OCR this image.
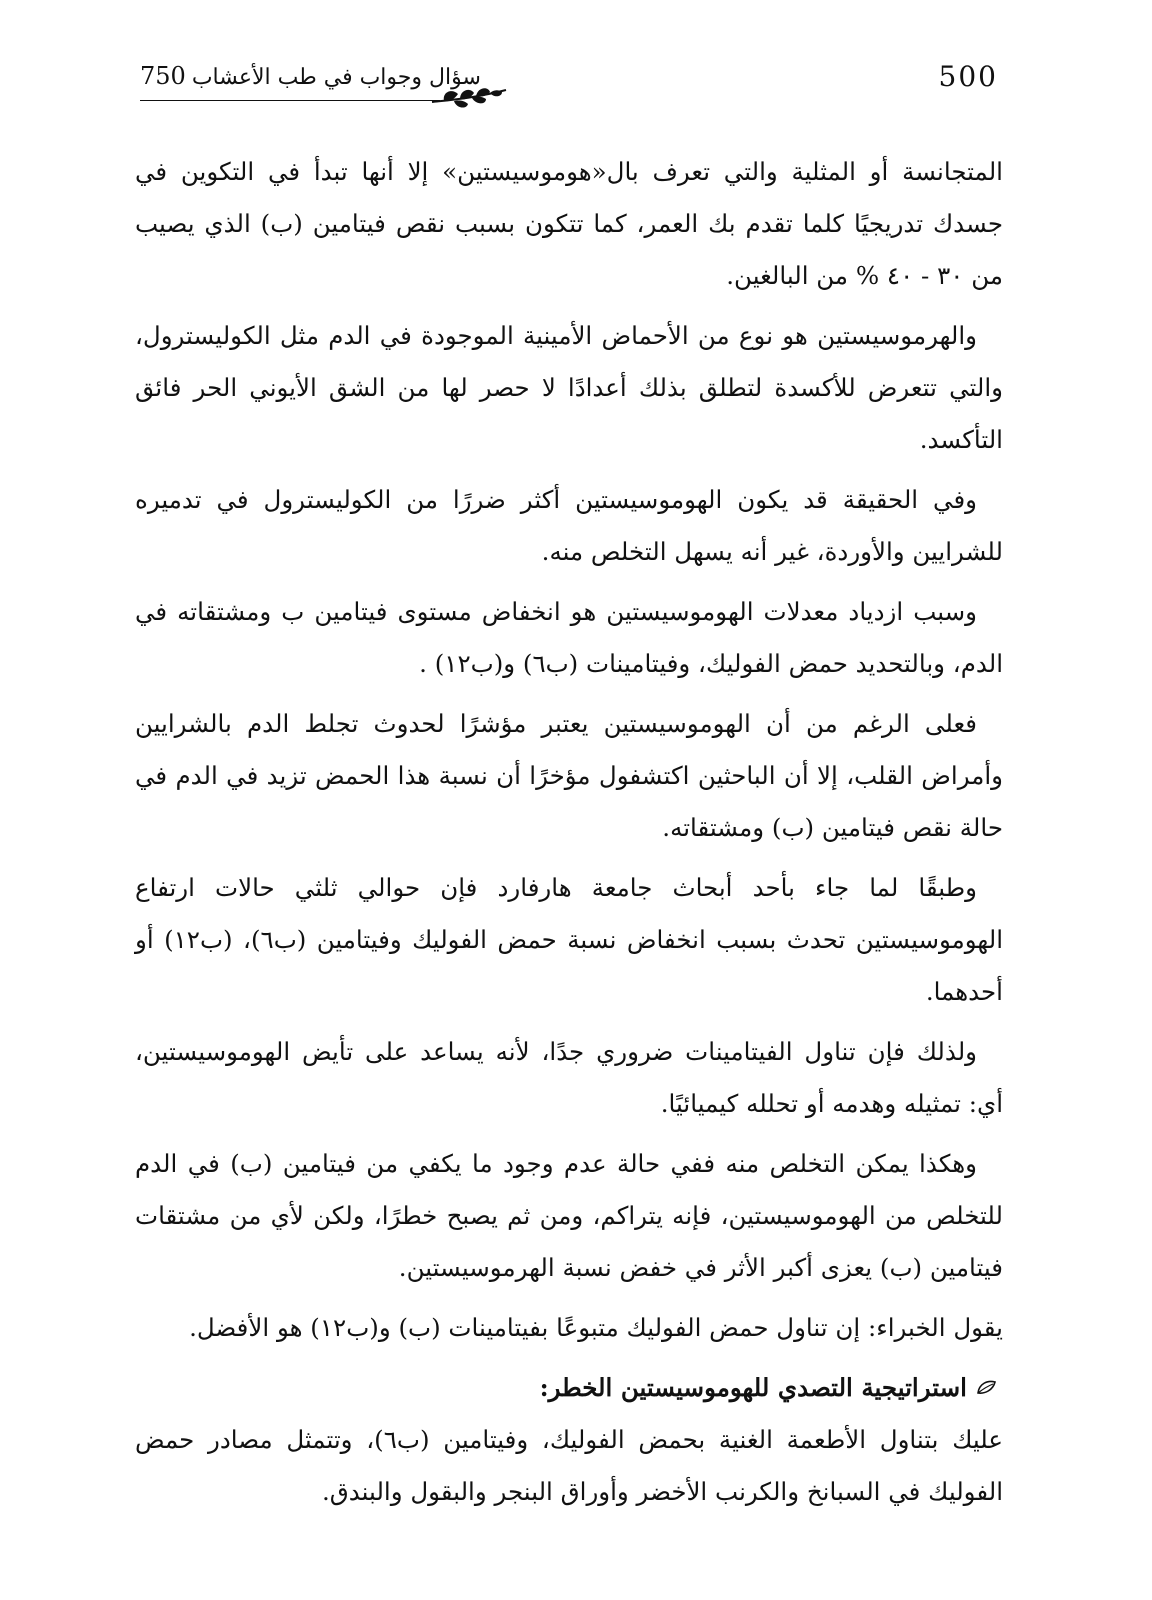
750 سؤال وجواب في طب الأعشاب	500

المتجانسة أو المثلية والتي تعرف بال«هوموسيستين» إلا أنها تبدأ في التكوين في جسدك تدريجيًا كلما تقدم بك العمر، كما تتكون بسبب نقص فيتامين (ب) الذي يصيب من ٣٠ - ٤٠ % من البالغين.

والهرموسيستين هو نوع من الأحماض الأمينية الموجودة في الدم مثل الكوليسترول، والتي تتعرض للأكسدة لتطلق بذلك أعدادًا لا حصر لها من الشق الأيوني الحر فائق التأكسد.

وفي الحقيقة قد يكون الهوموسيستين أكثر ضررًا من الكوليسترول في تدميره للشرايين والأوردة، غير أنه يسهل التخلص منه.

وسبب ازدياد معدلات الهوموسيستين هو انخفاض مستوى فيتامين ب ومشتقاته في الدم، وبالتحديد حمض الفوليك، وفيتامينات (ب٦) و(ب١٢) .

فعلى الرغم من أن الهوموسيستين يعتبر مؤشرًا لحدوث تجلط الدم بالشرايين وأمراض القلب، إلا أن الباحثين اكتشفول مؤخرًا أن نسبة هذا الحمض تزيد في الدم في حالة نقص فيتامين (ب) ومشتقاته.

وطبقًا لما جاء بأحد أبحاث جامعة هارفارد فإن حوالي ثلثي حالات ارتفاع الهوموسيستين تحدث بسبب انخفاض نسبة حمض الفوليك وفيتامين (ب٦)، (ب١٢) أو أحدهما.

ولذلك فإن تناول الفيتامينات ضروري جدًا، لأنه يساعد على تأيض الهوموسيستين، أي: تمثيله وهدمه أو تحلله كيميائيًا.

وهكذا يمكن التخلص منه ففي حالة عدم وجود ما يكفي من فيتامين (ب) في الدم للتخلص من الهوموسيستين، فإنه يتراكم، ومن ثم يصبح خطرًا، ولكن لأي من مشتقات فيتامين (ب) يعزى أكبر الأثر في خفض نسبة الهرموسيستين.

يقول الخبراء: إن تناول حمض الفوليك متبوعًا بفيتامينات (ب) و(ب١٢) هو الأفضل.

استراتيجية التصدي للهوموسيستين الخطر:

عليك بتناول الأطعمة الغنية بحمض الفوليك، وفيتامين (ب٦)، وتتمثل مصادر حمض الفوليك في السبانخ والكرنب الأخضر وأوراق البنجر والبقول والبندق.
